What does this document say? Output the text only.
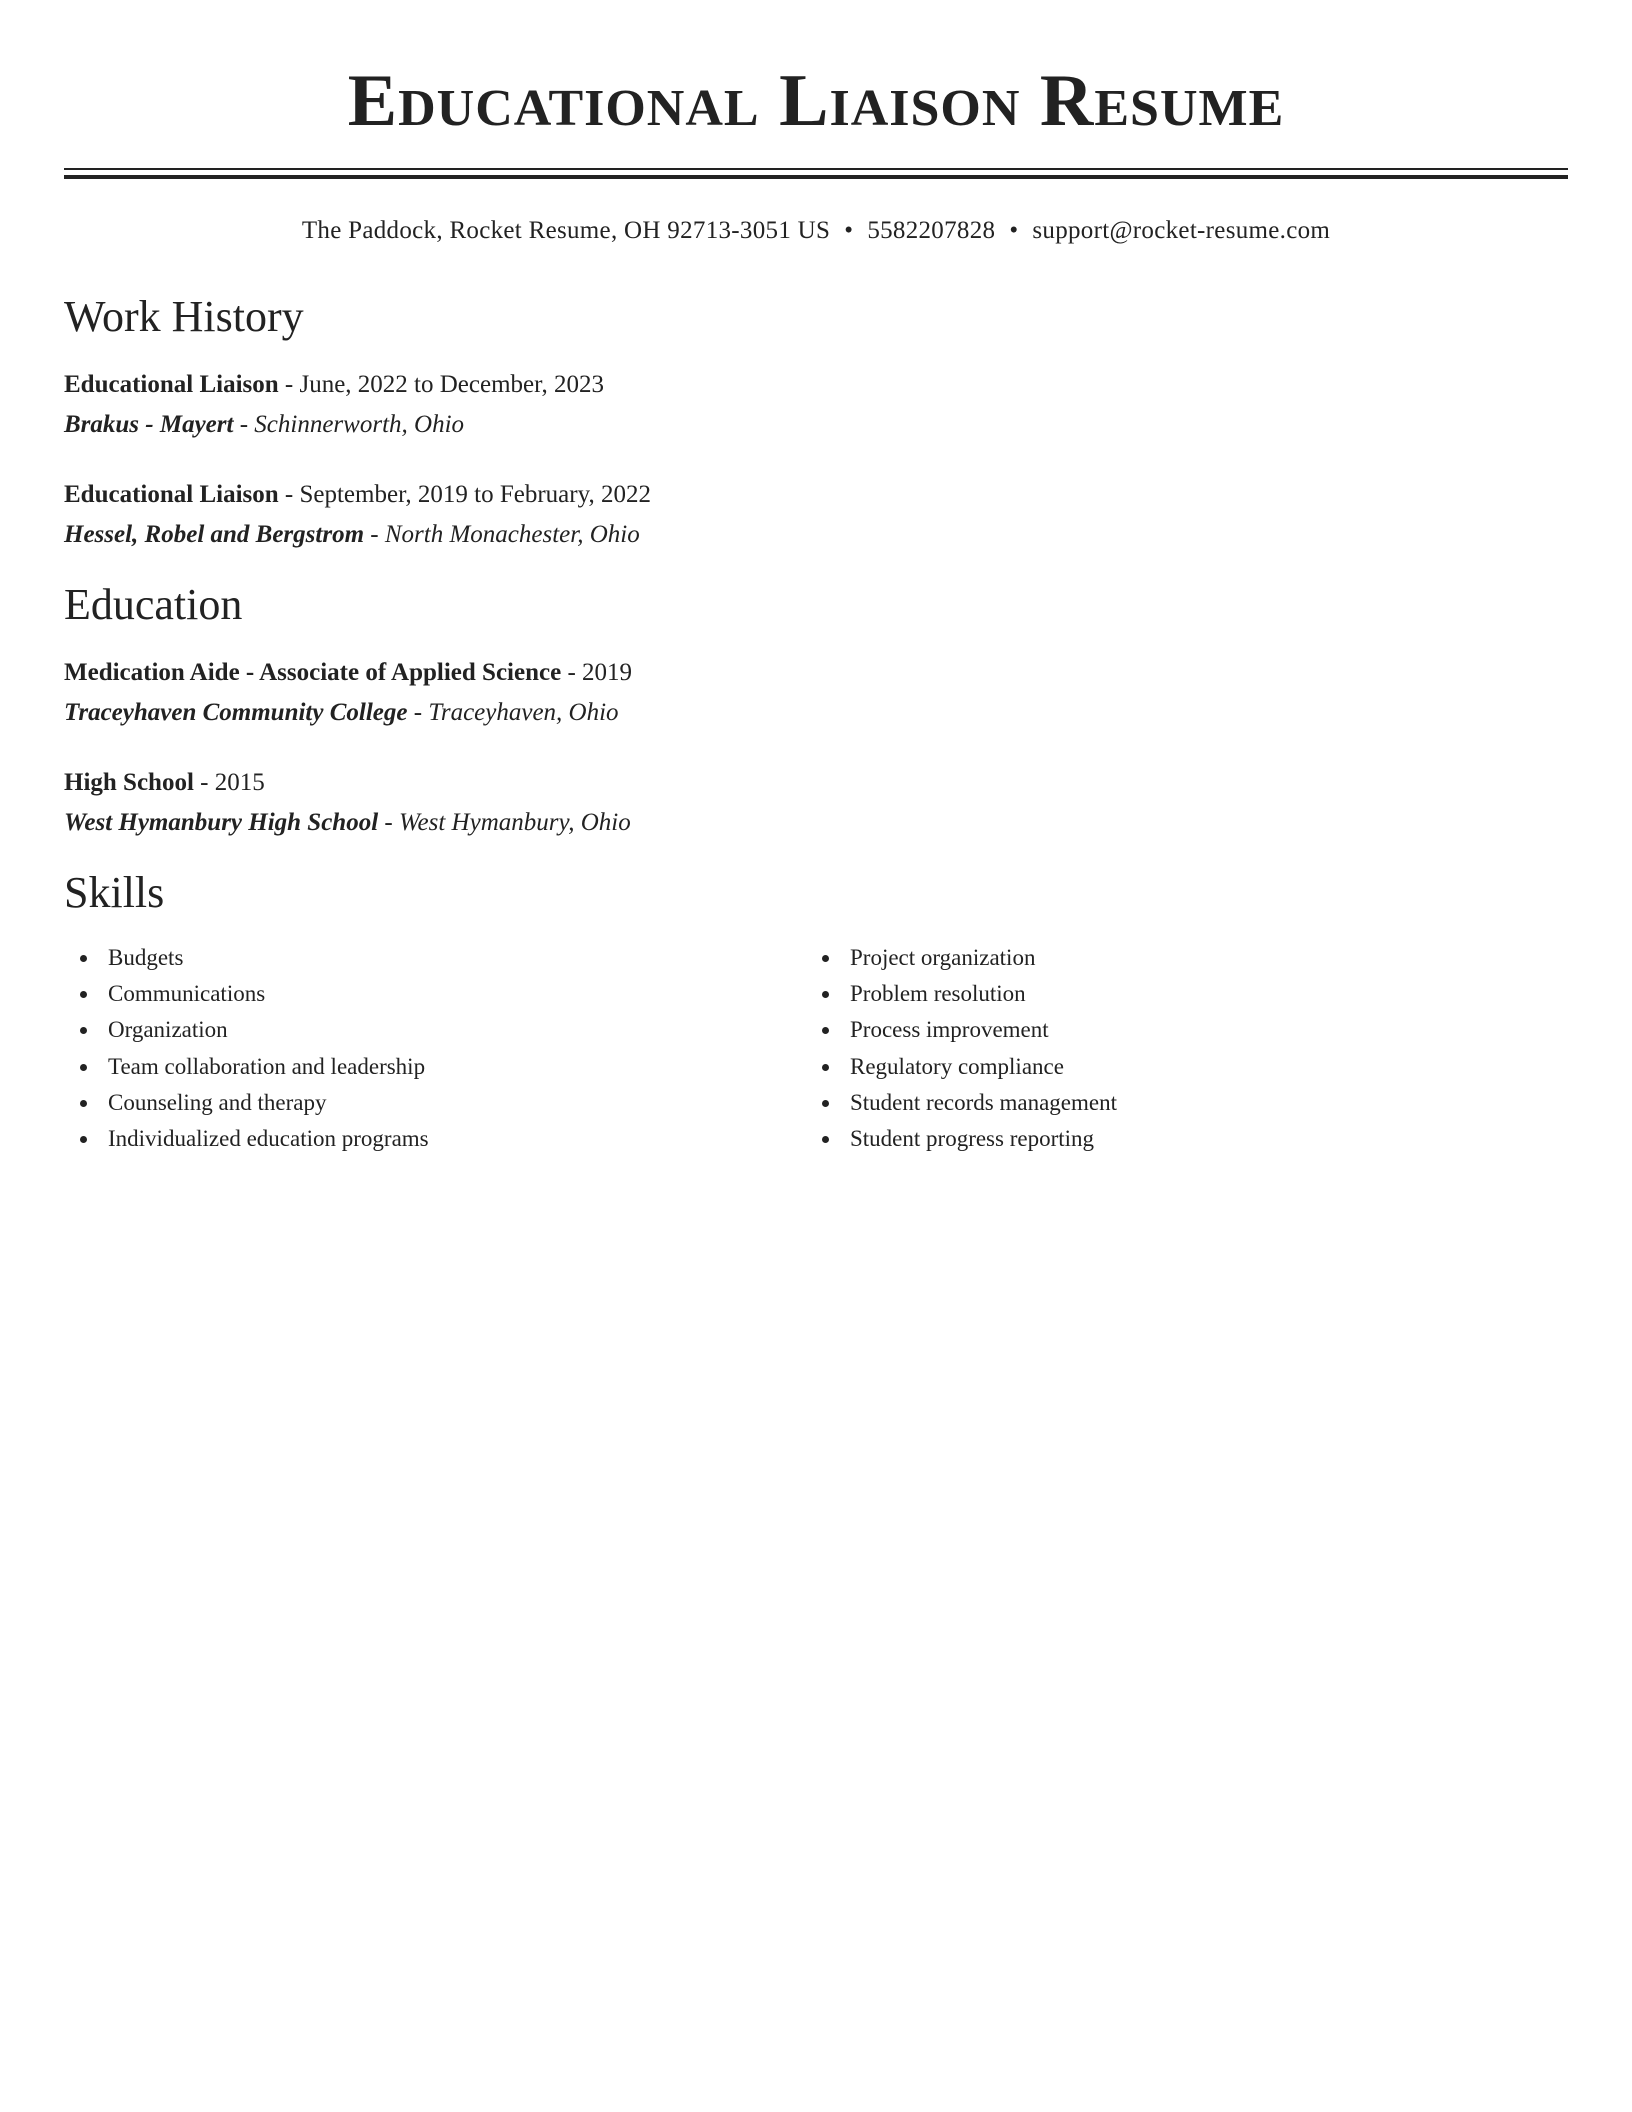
Educational Liaison Resume
The Paddock, Rocket Resume, OH 92713-3051 US • 5582207828 • support@rocket-resume.com
Work History
Educational Liaison - June, 2022 to December, 2023
Brakus - Mayert - Schinnerworth, Ohio
Educational Liaison - September, 2019 to February, 2022
Hessel, Robel and Bergstrom - North Monachester, Ohio
Education
Medication Aide - Associate of Applied Science - 2019
Traceyhaven Community College - Traceyhaven, Ohio
High School - 2015
West Hymanbury High School - West Hymanbury, Ohio
Skills
Budgets
Communications
Organization
Team collaboration and leadership
Counseling and therapy
Individualized education programs
Project organization
Problem resolution
Process improvement
Regulatory compliance
Student records management
Student progress reporting
